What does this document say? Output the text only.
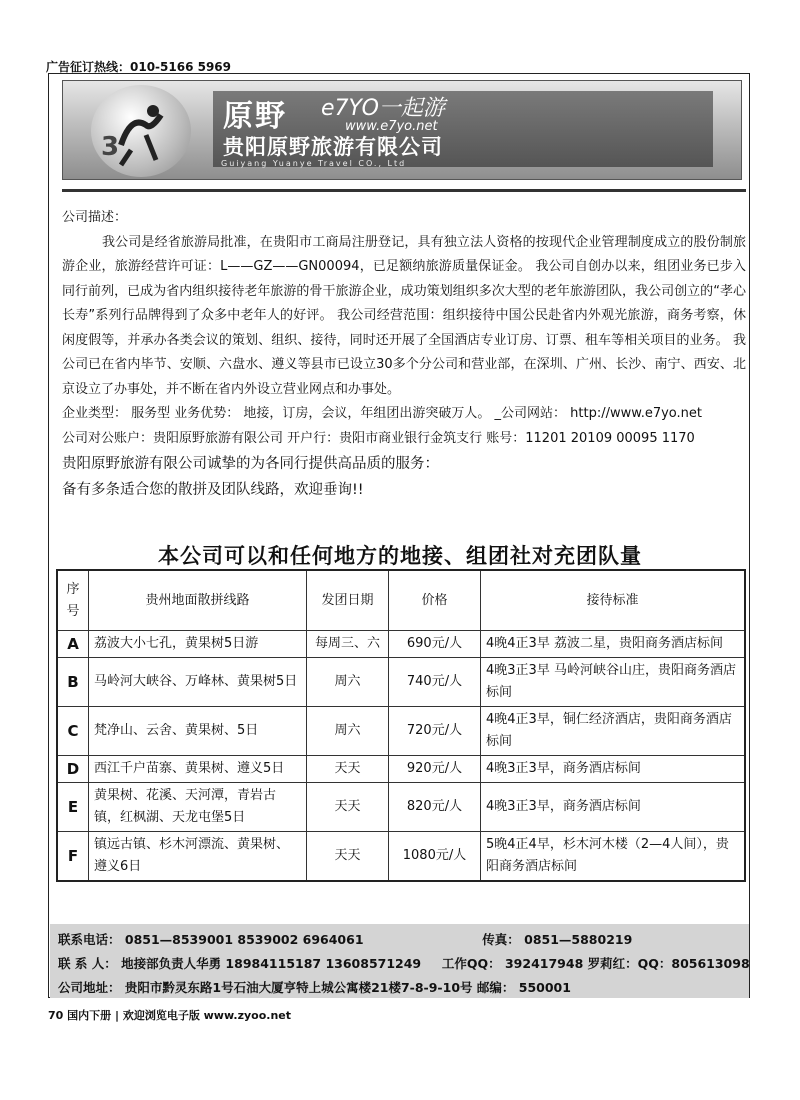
广告征订热线：010-5166 5969
3
原野 e7YO一起游
www.e7yo.net
贵阳原野旅游有限公司
Guiyang Yuanye Travel CO., Ltd

公司描述：

我公司是经省旅游局批准，在贵阳市工商局注册登记，具有独立法人资格的按现代企业管理制度成立的股份制旅游企业，旅游经营许可证：L——GZ——GN00094，已足额纳旅游质量保证金。 我公司自创办以来，组团业务已步入同行前列，已成为省内组织接待老年旅游的骨干旅游企业，成功策划组织多次大型的老年旅游团队，我公司创立的“孝心长寿”系列行品牌得到了众多中老年人的好评。 我公司经营范围：组织接待中国公民赴省内外观光旅游，商务考察，休闲度假等，并承办各类会议的策划、组织、接待，同时还开展了全国酒店专业订房、订票、租车等相关项目的业务。 我公司已在省内毕节、安顺、六盘水、遵义等县市已设立30多个分公司和营业部，在深圳、广州、长沙、南宁、西安、北京设立了办事处，并不断在省内外设立营业网点和办事处。

企业类型： 服务型 业务优势： 地接，订房，会议，年组团出游突破万人。 _公司网站： http://www.e7yo.net

公司对公账户：贵阳原野旅游有限公司 开户行：贵阳市商业银行金筑支行 账号：11201 20109 00095 1170

贵阳原野旅游有限公司诚挚的为各同行提供高品质的服务：

备有多条适合您的散拼及团队线路，欢迎垂询!!

本公司可以和任何地方的地接、组团社对充团队量
序号	贵州地面散拼线路	发团日期	价格	接待标准
A	荔波大小七孔，黄果树5日游	每周三、六	690元/人	4晚4正3早 荔波二星，贵阳商务酒店标间
B	马岭河大峡谷、万峰林、黄果树5日	周六	740元/人	4晚3正3早 马岭河峡谷山庄，贵阳商务酒店标间
C	梵净山、云舍、黄果树、5日	周六	720元/人	4晚4正3早，铜仁经济酒店，贵阳商务酒店标间
D	西江千户苗寨、黄果树、遵义5日	天天	920元/人	4晚3正3早，商务酒店标间
E	黄果树、花溪、天河潭，青岩古镇，红枫湖、天龙屯堡5日	天天	820元/人	4晚3正3早，商务酒店标间
F	镇远古镇、杉木河漂流、黄果树、遵义6日	天天	1080元/人	5晚4正4早，杉木河木楼（2—4人间），贵阳商务酒店标间
联系电话： 0851—8539001 8539002 6964061	传真： 0851—5880219
联 系 人： 地接部负责人华勇 18984115187 13608571249 工作QQ： 392417948 罗莉红：QQ：805613098
公司地址： 贵阳市黔灵东路1号石油大厦亨特上城公寓楼21楼7-8-9-10号 邮编： 550001
70 国内下册 | 欢迎浏览电子版 www.zyoo.net
